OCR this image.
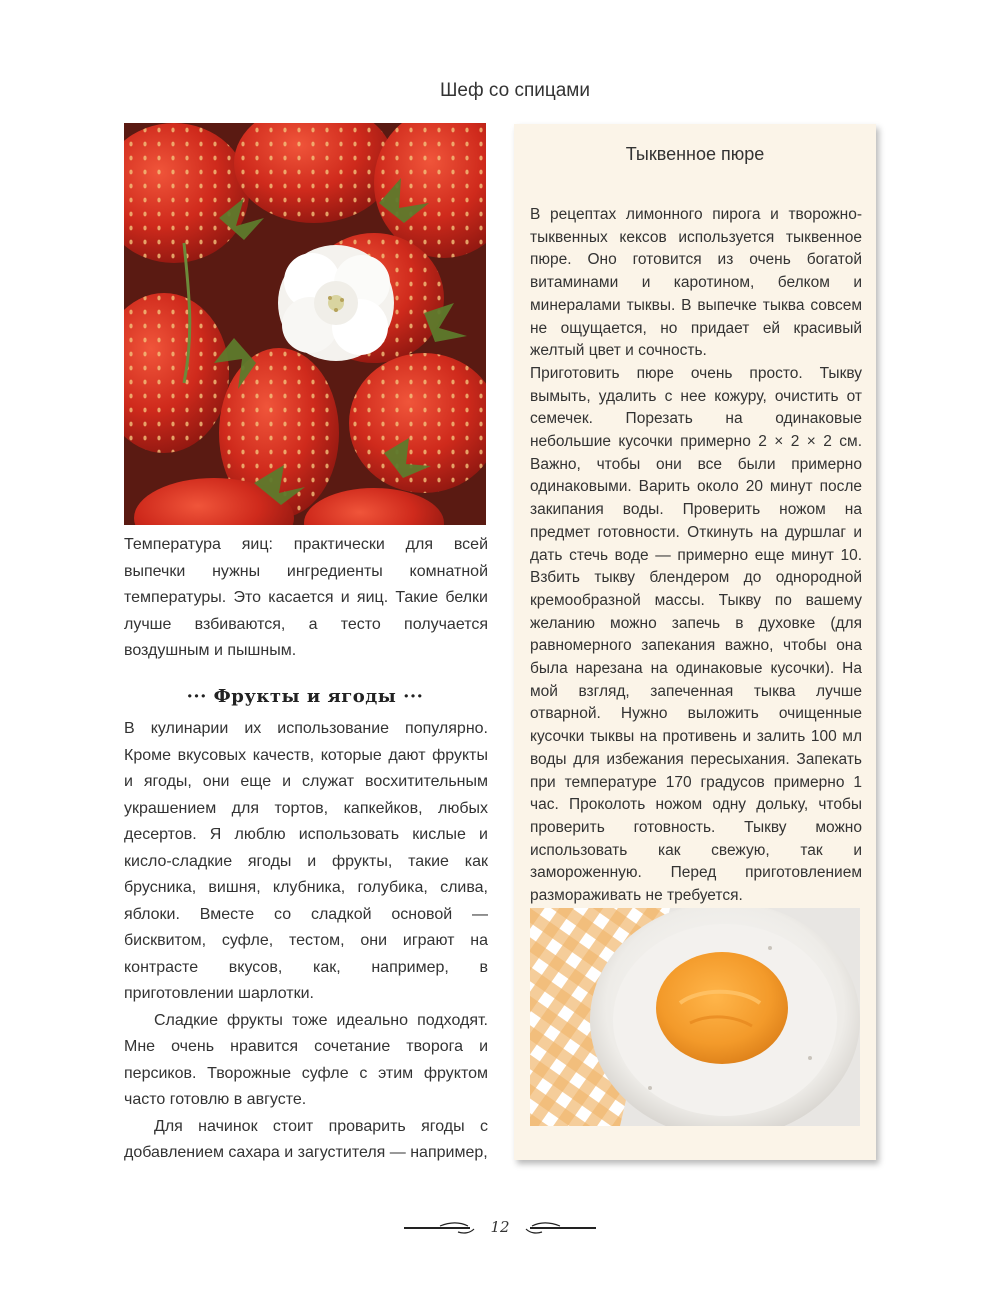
Шеф со спицами
Температура яиц: практически для всей выпечки нужны ингредиенты комнатной температуры. Это касается и яиц. Такие белки лучше взбиваются, а тесто получается воздушным и пышным.
··· Фрукты и ягоды ···

В кулинарии их использование популярно. Кроме вкусовых качеств, которые дают фрукты и ягоды, они еще и служат восхитительным украшением для тортов, капкейков, любых десертов. Я люблю использовать кислые и кисло-сладкие ягоды и фрукты, такие как брусника, вишня, клубника, голубика, слива, яблоки. Вместе со сладкой основой — бисквитом, суфле, тестом, они играют на контрасте вкусов, как, например, в приготовлении шарлотки.

Сладкие фрукты тоже идеально подходят. Мне очень нравится сочетание творога и персиков. Творожные суфле с этим фруктом часто готовлю в августе.

Для начинок стоит проварить ягоды с добавлением сахара и загустителя — например,

Тыквенное пюре

В рецептах лимонного пирога и творожно-тыквенных кексов используется тыквенное пюре. Оно готовится из очень богатой витаминами и каротином, белком и минералами тыквы. В выпечке тыква совсем не ощущается, но придает ей красивый желтый цвет и сочность.

Приготовить пюре очень просто. Тыкву вымыть, удалить с нее кожуру, очистить от семечек. Порезать на одинаковые небольшие кусочки примерно 2 × 2 × 2 см. Важно, чтобы они все были примерно одинаковыми. Варить около 20 минут после закипания воды. Проверить ножом на предмет готовности. Откинуть на дуршлаг и дать стечь воде — примерно еще минут 10. Взбить тыкву блендером до однородной кремообразной массы. Тыкву по вашему желанию можно запечь в духовке (для равномерного запекания важно, чтобы она была нарезана на одинаковые кусочки). На мой взгляд, запеченная тыква лучше отварной. Нужно выложить очищенные кусочки тыквы на противень и залить 100 мл воды для избежания пересыхания. Запекать при температуре 170 градусов примерно 1 час. Проколоть ножом одну дольку, чтобы проверить готовность. Тыкву можно использовать как свежую, так и замороженную. Перед приготовлением размораживать не требуется.

12
